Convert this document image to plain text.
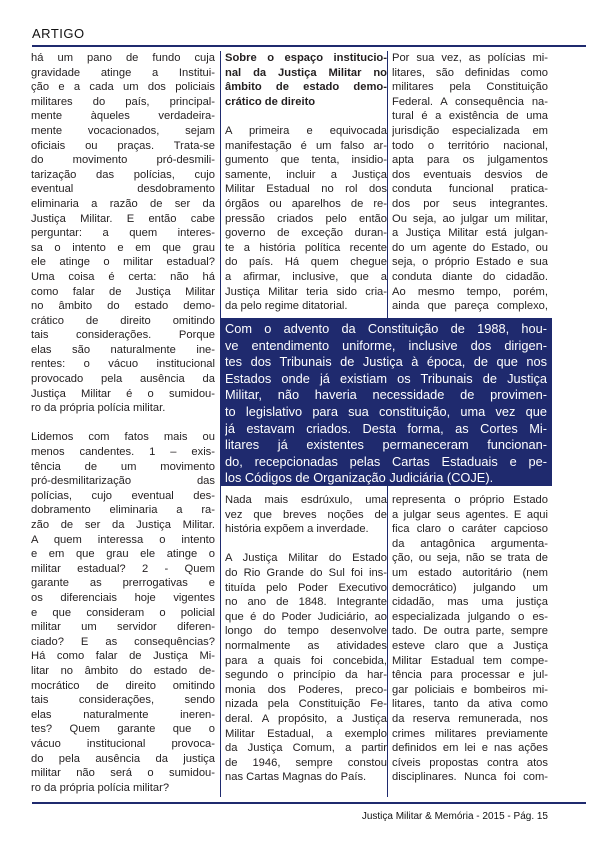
ARTIGO
há um pano de fundo cuja
gravidade atinge a Institui-
ção e a cada um dos policiais
militares do país, principal-
mente àqueles verdadeira-
mente vocacionados, sejam
oficiais ou praças. Trata-se
do movimento pró-desmili-
tarização das polícias, cujo
eventual desdobramento
eliminaria a razão de ser da
Justiça Militar. E então cabe
perguntar: a quem interes-
sa o intento e em que grau
ele atinge o militar estadual?
Uma coisa é certa: não há
como falar de Justiça Militar
no âmbito do estado demo-
crático de direito omitindo
tais considerações. Porque
elas são naturalmente ine-
rentes: o vácuo institucional
provocado pela ausência da
Justiça Militar é o sumidou-
ro da própria polícia militar.
Lidemos com fatos mais ou
menos candentes. 1 – exis-
tência de um movimento
pró-desmilitarização das
polícias, cujo eventual des-
dobramento eliminaria a ra-
zão de ser da Justiça Militar.
A quem interessa o intento
e em que grau ele atinge o
militar estadual? 2 - Quem
garante as prerrogativas e
os diferenciais hoje vigentes
e que consideram o policial
militar um servidor diferen-
ciado? E as consequências?
Há como falar de Justiça Mi-
litar no âmbito do estado de-
mocrático de direito omitindo
tais considerações, sendo
elas naturalmente ineren-
tes? Quem garante que o
vácuo institucional provoca-
do pela ausência da justiça
militar não será o sumidou-
ro da própria polícia militar?
Sobre o espaço institucio-
nal da Justiça Militar no
âmbito de estado demo-
crático de direito
A primeira e equivocada
manifestação é um falso ar-
gumento que tenta, insidio-
samente, incluir a Justiça
Militar Estadual no rol dos
órgãos ou aparelhos de re-
pressão criados pelo então
governo de exceção duran-
te a história política recente
do país. Há quem chegue
a afirmar, inclusive, que a
Justiça Militar teria sido cria-
da pelo regime ditatorial.
Por sua vez, as polícias mi-
litares, são definidas como
militares pela Constituição
Federal. A consequência na-
tural é a existência de uma
jurisdição especializada em
todo o território nacional,
apta para os julgamentos
dos eventuais desvios de
conduta funcional pratica-
dos por seus integrantes.
Ou seja, ao julgar um militar,
a Justiça Militar está julgan-
do um agente do Estado, ou
seja, o próprio Estado e sua
conduta diante do cidadão.
Ao mesmo tempo, porém,
ainda que pareça complexo,
Com o advento da Constituição de 1988, hou-
ve entendimento uniforme, inclusive dos dirigen-
tes dos Tribunais de Justiça à época, de que nos
Estados onde já existiam os Tribunais de Justiça
Militar, não haveria necessidade de provimen-
to legislativo para sua constituição, uma vez que
já estavam criados. Desta forma, as Cortes Mi-
litares já existentes permaneceram funcionan-
do, recepcionadas pelas Cartas Estaduais e pe-
los Códigos de Organização Judiciária (COJE).
Nada mais esdrúxulo, uma
vez que breves noções de
história expõem a inverdade.
A Justiça Militar do Estado
do Rio Grande do Sul foi ins-
tituída pelo Poder Executivo
no ano de 1848. Integrante
que é do Poder Judiciário, ao
longo do tempo desenvolve
normalmente as atividades
para a quais foi concebida,
segundo o princípio da har-
monia dos Poderes, preco-
nizada pela Constituição Fe-
deral. A propósito, a Justiça
Militar Estadual, a exemplo
da Justiça Comum, a partir
de 1946, sempre constou
nas Cartas Magnas do País.
representa o próprio Estado
a julgar seus agentes. E aqui
fica claro o caráter capcioso
da antagônica argumenta-
ção, ou seja, não se trata de
um estado autoritário (nem
democrático) julgando um
cidadão, mas uma justiça
especializada julgando o es-
tado. De outra parte, sempre
esteve claro que a Justiça
Militar Estadual tem compe-
tência para processar e jul-
gar policiais e bombeiros mi-
litares, tanto da ativa como
da reserva remunerada, nos
crimes militares previamente
definidos em lei e nas ações
cíveis propostas contra atos
disciplinares. Nunca foi com-
Justiça Militar & Memória - 2015 - Pág. 15
